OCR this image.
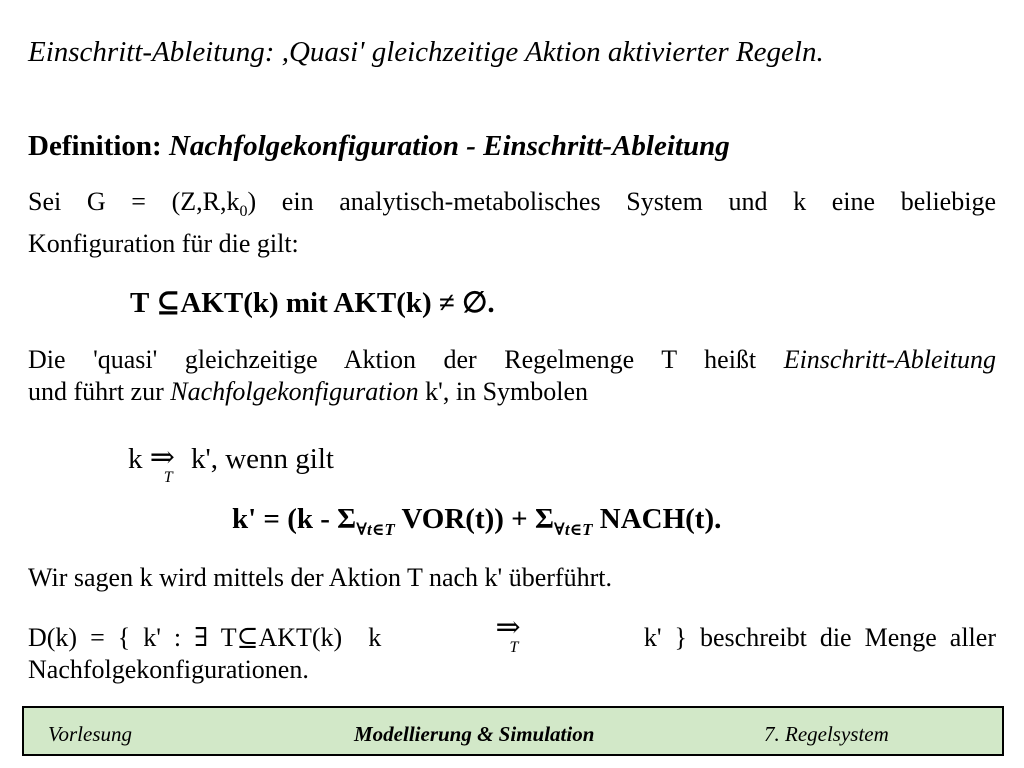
Einschritt-Ableitung: ,Quasi' gleichzeitige Aktion aktivierter Regeln.
Definition: Nachfolgekonfiguration - Einschritt-Ableitung
Sei $G = (Z,R,k_0)$ ein analytisch-metabolisches System und k eine beliebige
Konfiguration für die gilt:
T ⊆AKT(k) mit AKT(k) ≠ ∅.
Die 'quasi' gleichzeitige Aktion der Regelmenge T heißt Einschritt-Ableitung
und führt zur Nachfolgekonfiguration k', in Symbolen
k ⇒
T
k', wenn gilt
$k' = (k - \Sigma_{\forall t\in T}$ $VOR(t)) + \Sigma_{\forall t\in T}$ NACH(t).
Wir sagen k wird mittels der Aktion T nach k' überführt.
D(k)  =  {  k'  :  ∃  T⊆AKT(k)    k	⇒
T	k'  }  beschreibt  die  Menge  aller
Nachfolgekonfigurationen.
Vorlesung	Modellierung & Simulation	7. Regelsystem
